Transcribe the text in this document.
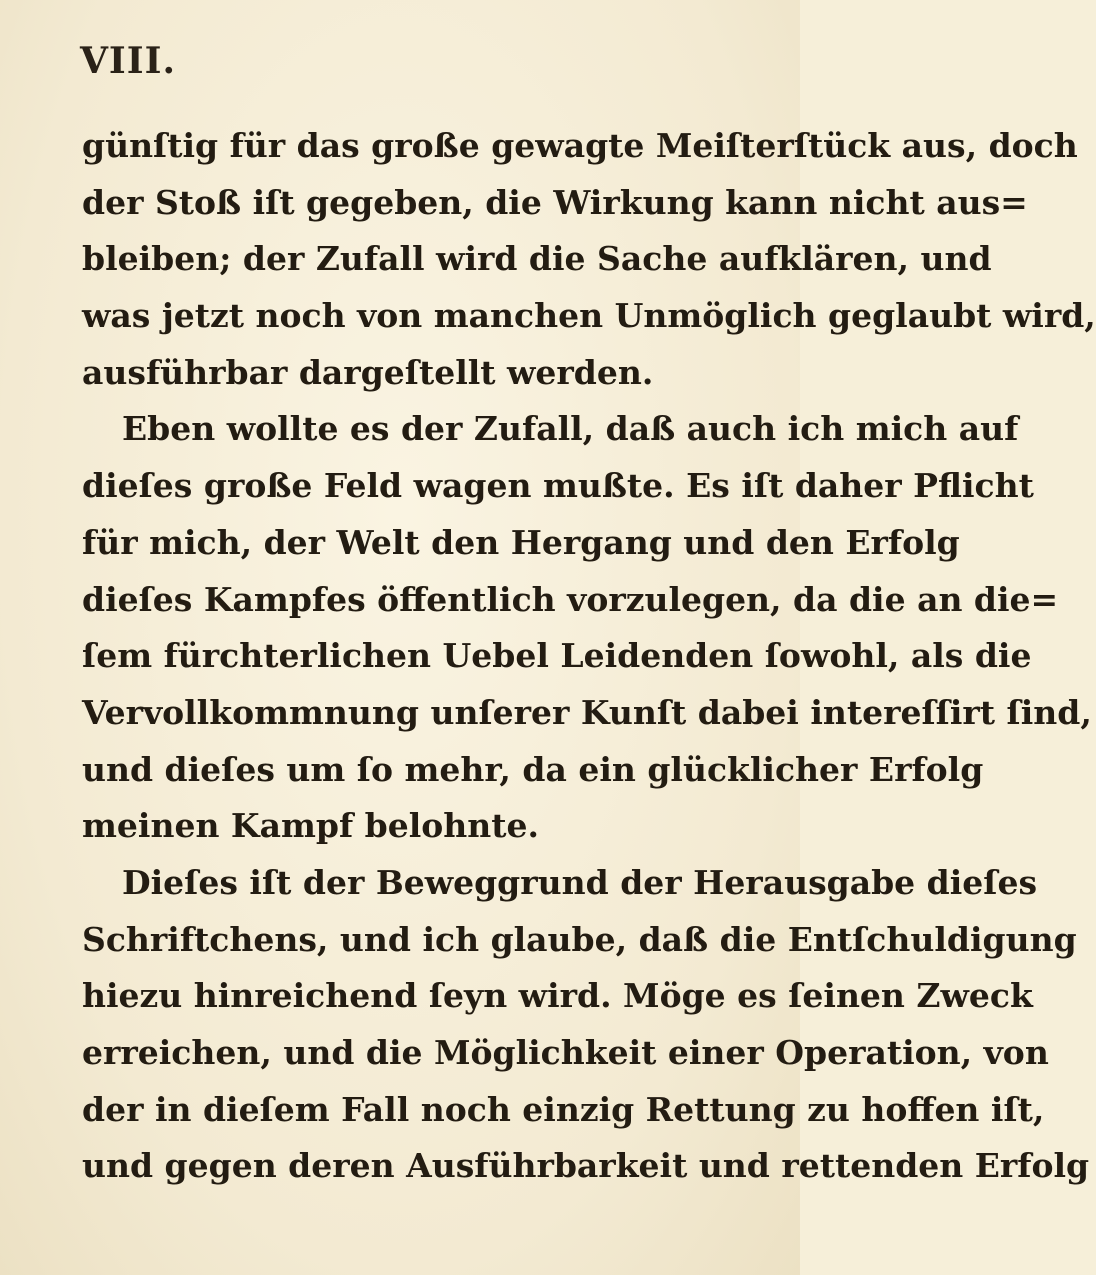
VIII.
günſtig für das große gewagte Meiſterſtück aus, doch
der Stoß iſt gegeben, die Wirkung kann nicht aus=
bleiben; der Zufall wird die Sache aufklären, und
was jetzt noch von manchen Unmöglich geglaubt wird,
ausführbar dargeſtellt werden.
Eben wollte es der Zufall, daß auch ich mich auf
dieſes große Feld wagen mußte. Es iſt daher Pflicht
für mich, der Welt den Hergang und den Erfolg
dieſes Kampfes öffentlich vorzulegen, da die an die=
ſem fürchterlichen Uebel Leidenden ſowohl, als die
Vervollkommnung unſerer Kunſt dabei intereſſirt ſind,
und dieſes um ſo mehr, da ein glücklicher Erfolg
meinen Kampf belohnte.
Dieſes iſt der Beweggrund der Herausgabe dieſes
Schriftchens, und ich glaube, daß die Entſchuldigung
hiezu hinreichend ſeyn wird. Möge es ſeinen Zweck
erreichen, und die Möglichkeit einer Operation, von
der in dieſem Fall noch einzig Rettung zu hoffen iſt,
und gegen deren Ausführbarkeit und rettenden Erfolg
